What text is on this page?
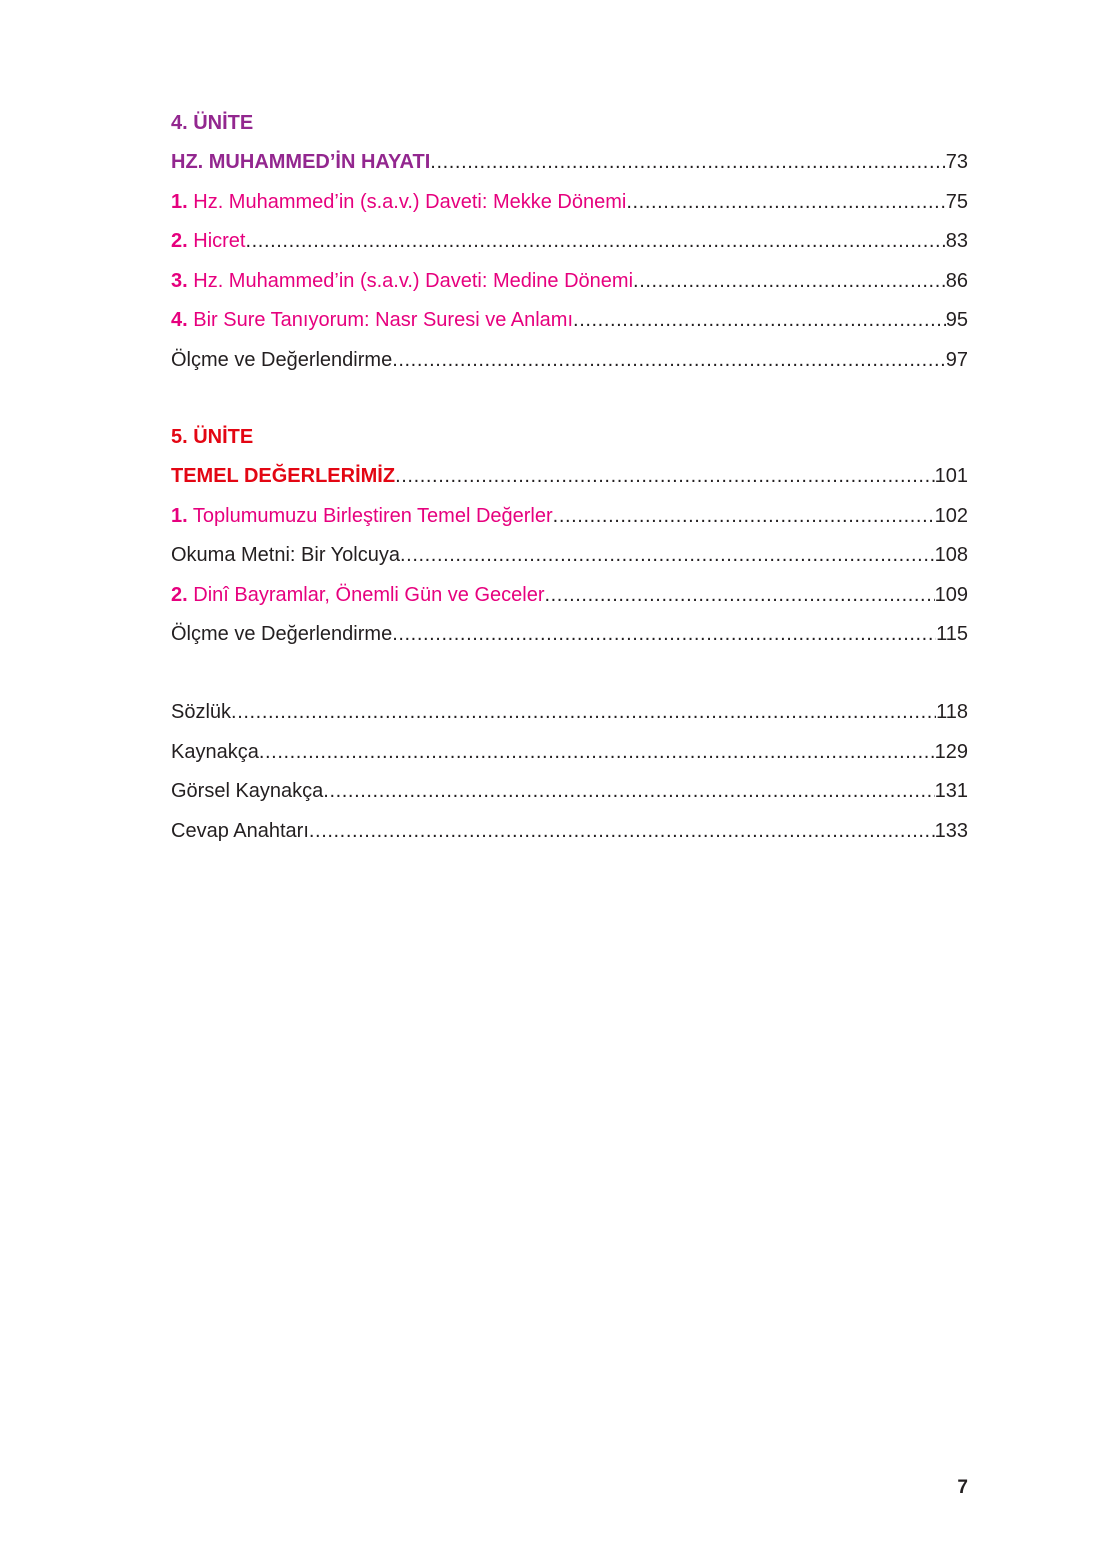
4. ÜNİTE
HZ. MUHAMMED’İN HAYATI .....	73
1. Hz. Muhammed’in (s.a.v.) Daveti: Mekke Dönemi .....	75
2. Hicret .....	83
3. Hz. Muhammed’in (s.a.v.) Daveti: Medine Dönemi .....	86
4. Bir Sure Tanıyorum: Nasr Suresi ve Anlamı .....	95
Ölçme ve Değerlendirme .....	97
5. ÜNİTE
TEMEL DEĞERLERİMİZ .....	101
1. Toplumumuzu Birleştiren Temel Değerler .....	102
Okuma Metni: Bir Yolcuya .....	108
2. Dinî Bayramlar, Önemli Gün ve Geceler .....	109
Ölçme ve Değerlendirme .....	115
Sözlük .....	118
Kaynakça .....	129
Görsel Kaynakça .....	131
Cevap Anahtarı .....	133
7
